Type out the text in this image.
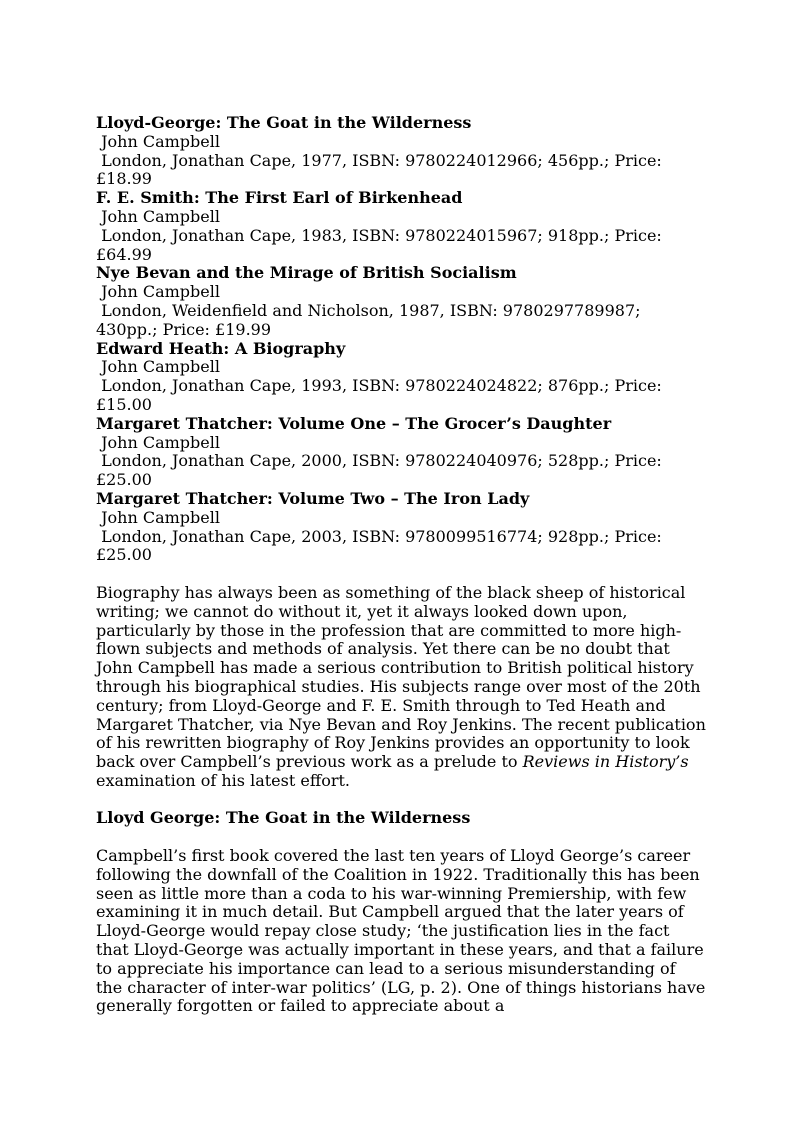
Lloyd-George: The Goat in the Wilderness
John Campbell
London, Jonathan Cape, 1977, ISBN: 9780224012966; 456pp.; Price: £18.99
F. E. Smith: The First Earl of Birkenhead
John Campbell
London, Jonathan Cape, 1983, ISBN: 9780224015967; 918pp.; Price: £64.99
Nye Bevan and the Mirage of British Socialism
John Campbell
London, Weidenfield and Nicholson, 1987, ISBN: 9780297789987; 430pp.; Price: £19.99
Edward Heath: A Biography
John Campbell
London, Jonathan Cape, 1993, ISBN: 9780224024822; 876pp.; Price: £15.00
Margaret Thatcher: Volume One – The Grocer’s Daughter
John Campbell
London, Jonathan Cape, 2000, ISBN: 9780224040976; 528pp.; Price: £25.00
Margaret Thatcher: Volume Two – The Iron Lady
John Campbell
London, Jonathan Cape, 2003, ISBN: 9780099516774; 928pp.; Price: £25.00

Biography has always been as something of the black sheep of historical writing; we cannot do without it, yet it always looked down upon, particularly by those in the profession that are committed to more high-flown subjects and methods of analysis. Yet there can be no doubt that John Campbell has made a serious contribution to British political history through his biographical studies. His subjects range over most of the 20th century; from Lloyd-George and F. E. Smith through to Ted Heath and Margaret Thatcher, via Nye Bevan and Roy Jenkins. The recent publication of his rewritten biography of Roy Jenkins provides an opportunity to look back over Campbell’s previous work as a prelude to Reviews in History’s examination of his latest effort.

Lloyd George: The Goat in the Wilderness

Campbell’s first book covered the last ten years of Lloyd George’s career following the downfall of the Coalition in 1922. Traditionally this has been seen as little more than a coda to his war-winning Premiership, with few examining it in much detail. But Campbell argued that the later years of Lloyd-George would repay close study; ‘the justification lies in the fact that Lloyd-George was actually important in these years, and that a failure to appreciate his importance can lead to a serious misunderstanding of the character of inter-war politics’ (LG, p. 2). One of things historians have generally forgotten or failed to appreciate about a
